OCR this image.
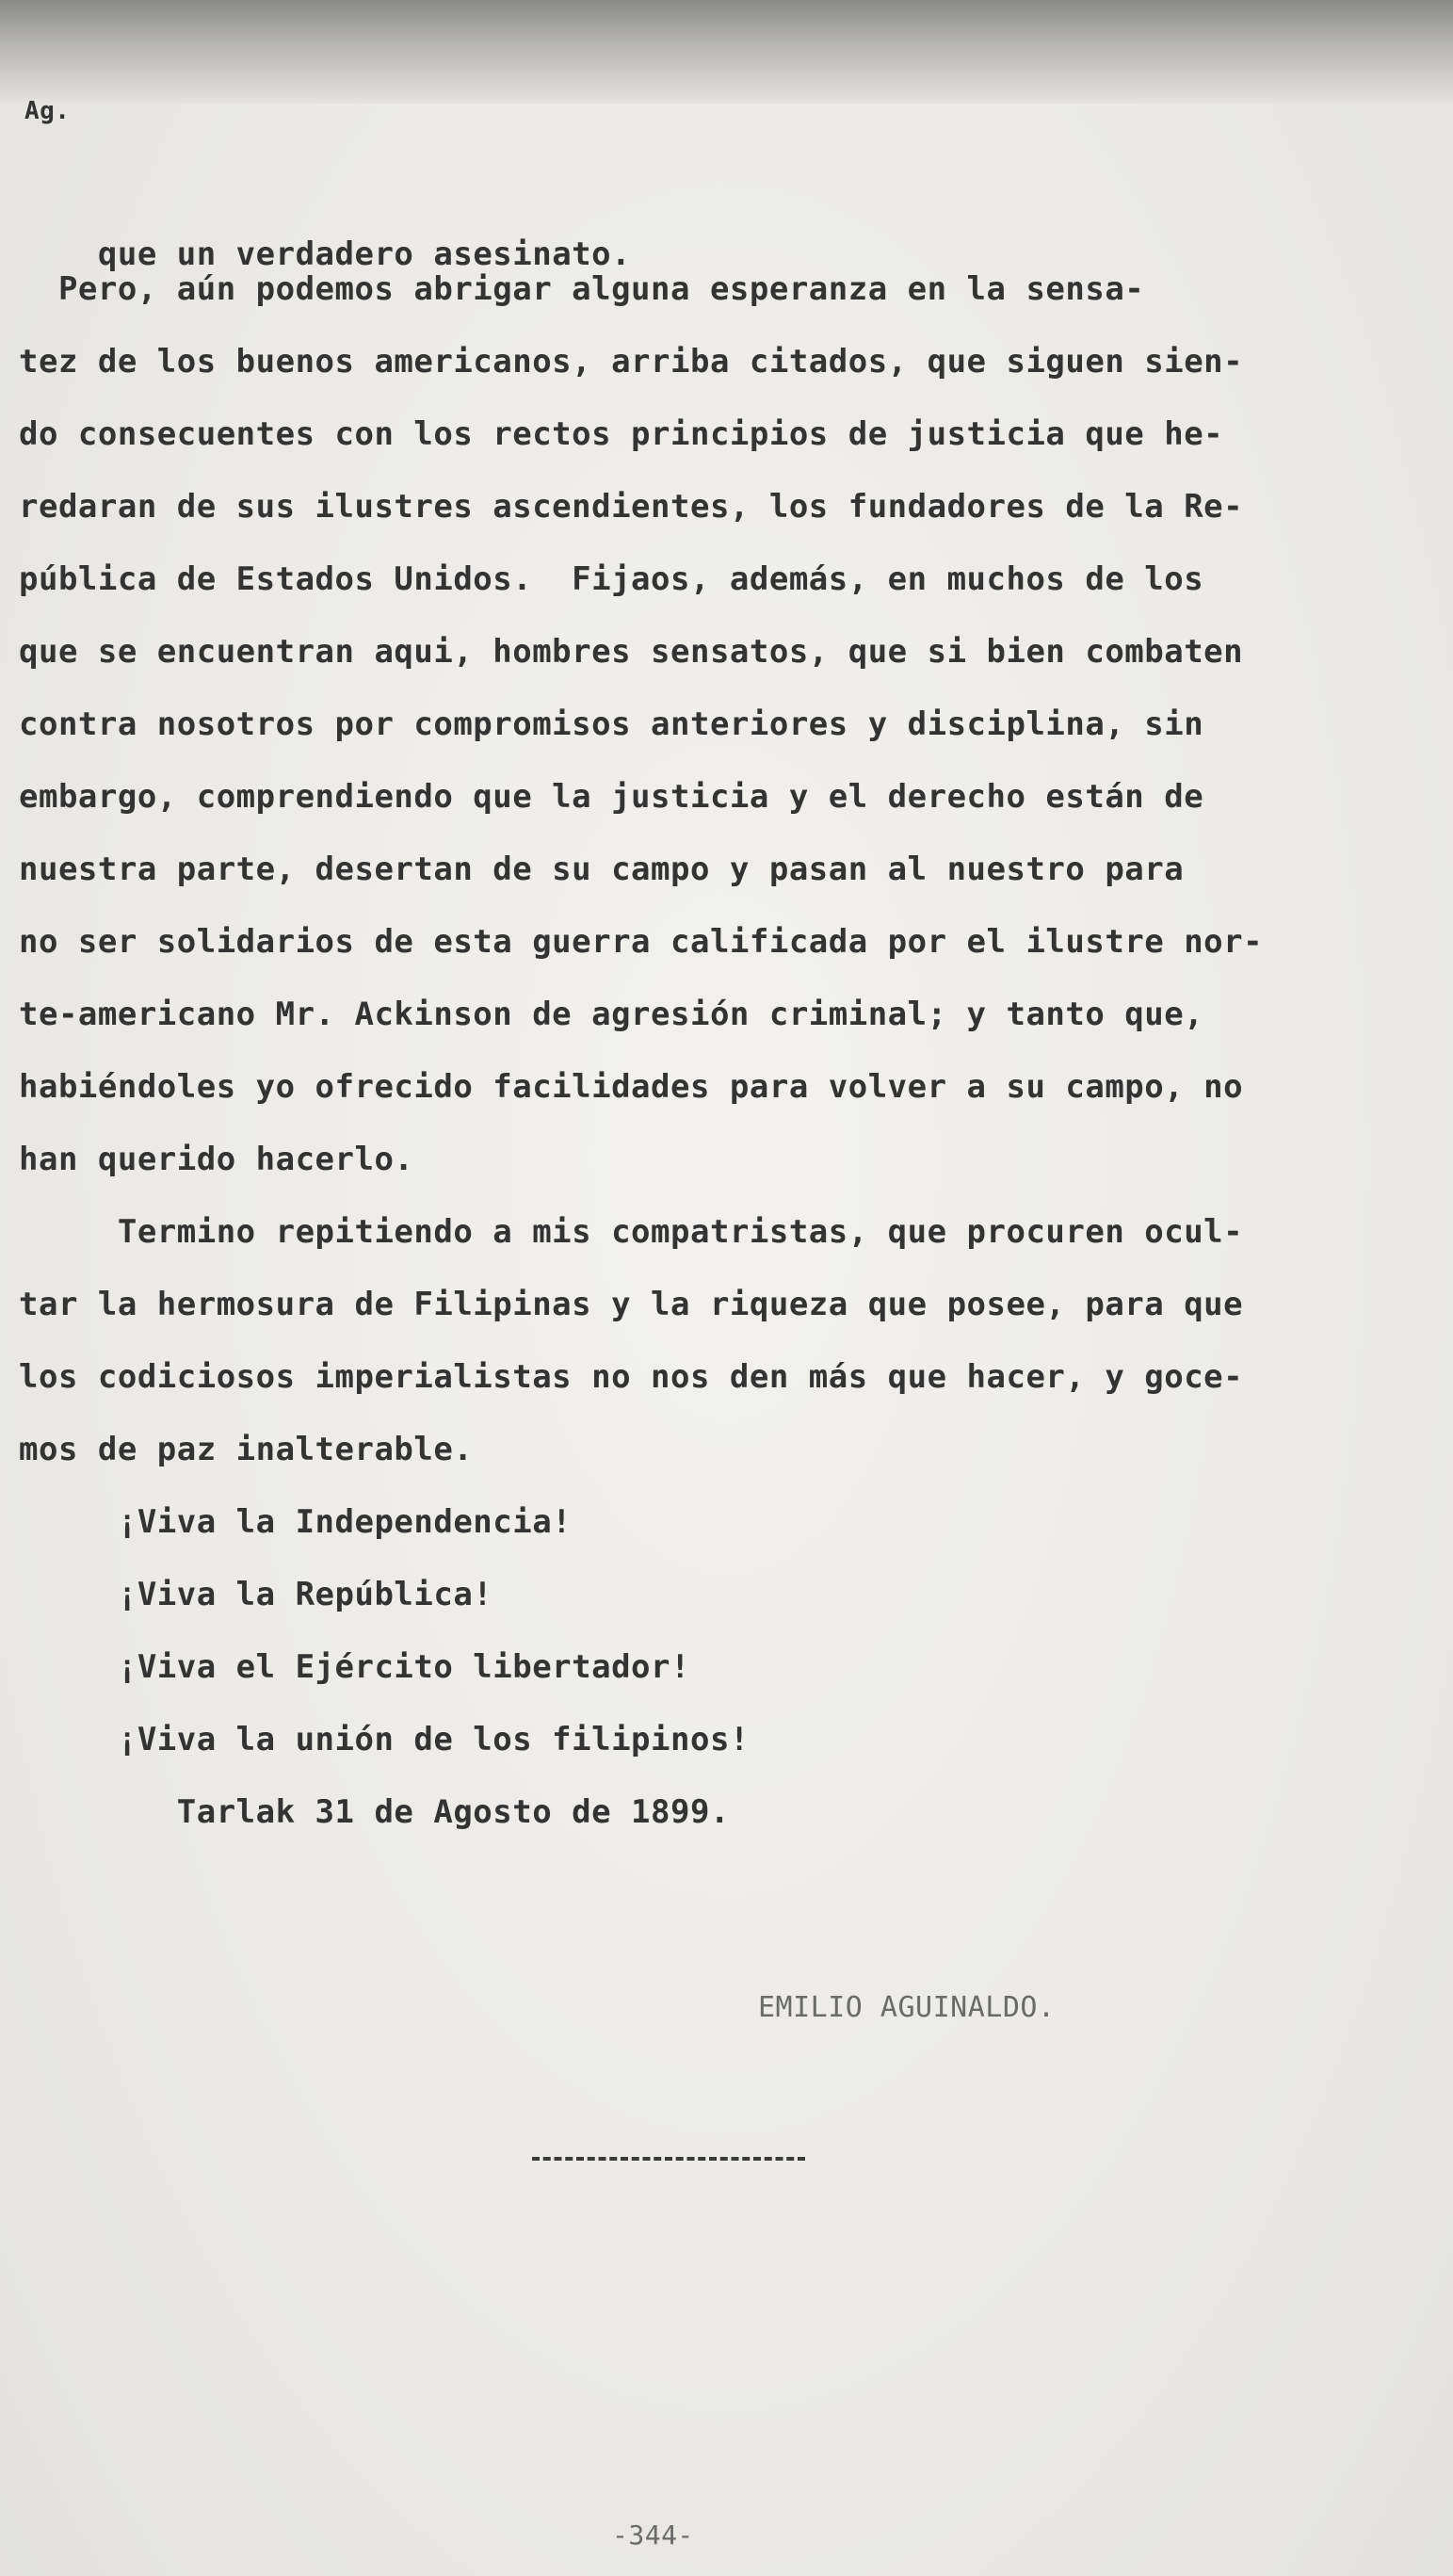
Ag.

que un verdadero asesinato.

Pero, aún podemos abrigar alguna esperanza en la sensa-
tez de los buenos americanos, arriba citados, que siguen sien-
do consecuentes con los rectos principios de justicia que he-
redaran de sus ilustres ascendientes, los fundadores de la Re-
pública de Estados Unidos.  Fijaos, además, en muchos de los
que se encuentran aqui, hombres sensatos, que si bien combaten
contra nosotros por compromisos anteriores y disciplina, sin
embargo, comprendiendo que la justicia y el derecho están de
nuestra parte, desertan de su campo y pasan al nuestro para
no ser solidarios de esta guerra calificada por el ilustre nor-
te-americano Mr. Ackinson de agresión criminal; y tanto que,
habiéndoles yo ofrecido facilidades para volver a su campo, no
han querido hacerlo.
Termino repitiendo a mis compatristas, que procuren ocul-
tar la hermosura de Filipinas y la riqueza que posee, para que
los codiciosos imperialistas no nos den más que hacer, y goce-
mos de paz inalterable.
¡Viva la Independencia!
¡Viva la República!
¡Viva el Ejército libertador!
¡Viva la unión de los filipinos!
Tarlak 31 de Agosto de 1899.
EMILIO AGUINALDO.
-344-
